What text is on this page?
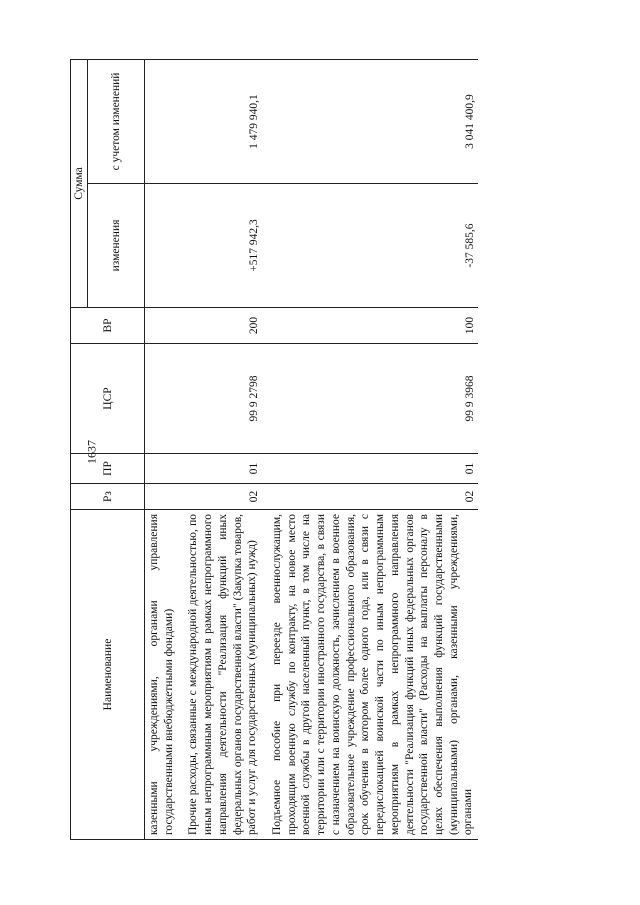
1637
Наименование	Рз	ПР	ЦСР	ВР	Сумма	
					изменения	с учетом изменений
казенными учреждениями, органами управления государственными внебюджетными фондами)						
Прочие расходы, связанные с международной деятельностью, по иным непрограммным мероприятиям в рамках непрограммного направления деятельности "Реализация функций иных федеральных органов государственной власти" (Закупка товаров, работ и услуг для государственных (муниципальных) нужд)	02	01	99 9 2798	200	+517 942,3	1 479 940,1
Подъемное пособие при переезде военнослужащим, проходящим военную службу по контракту, на новое место военной службы в другой населенный пункт, в том числе на территории или с территории иностранного государства, в связи с назначением на воинскую должность, зачислением в военное образовательное учреждение профессионального образования, срок обучения в котором более одного года, или в связи с передислокацией воинской части по иным непрограммным мероприятиям в рамках непрограммного направления деятельности "Реализация функций иных федеральных органов государственной власти" (Расходы на выплаты персоналу в целях обеспечения выполнения функций государственными (муниципальными) органами, казенными учреждениями, органами	02	01	99 9 3968	100	-37 585,6	3 041 400,9
